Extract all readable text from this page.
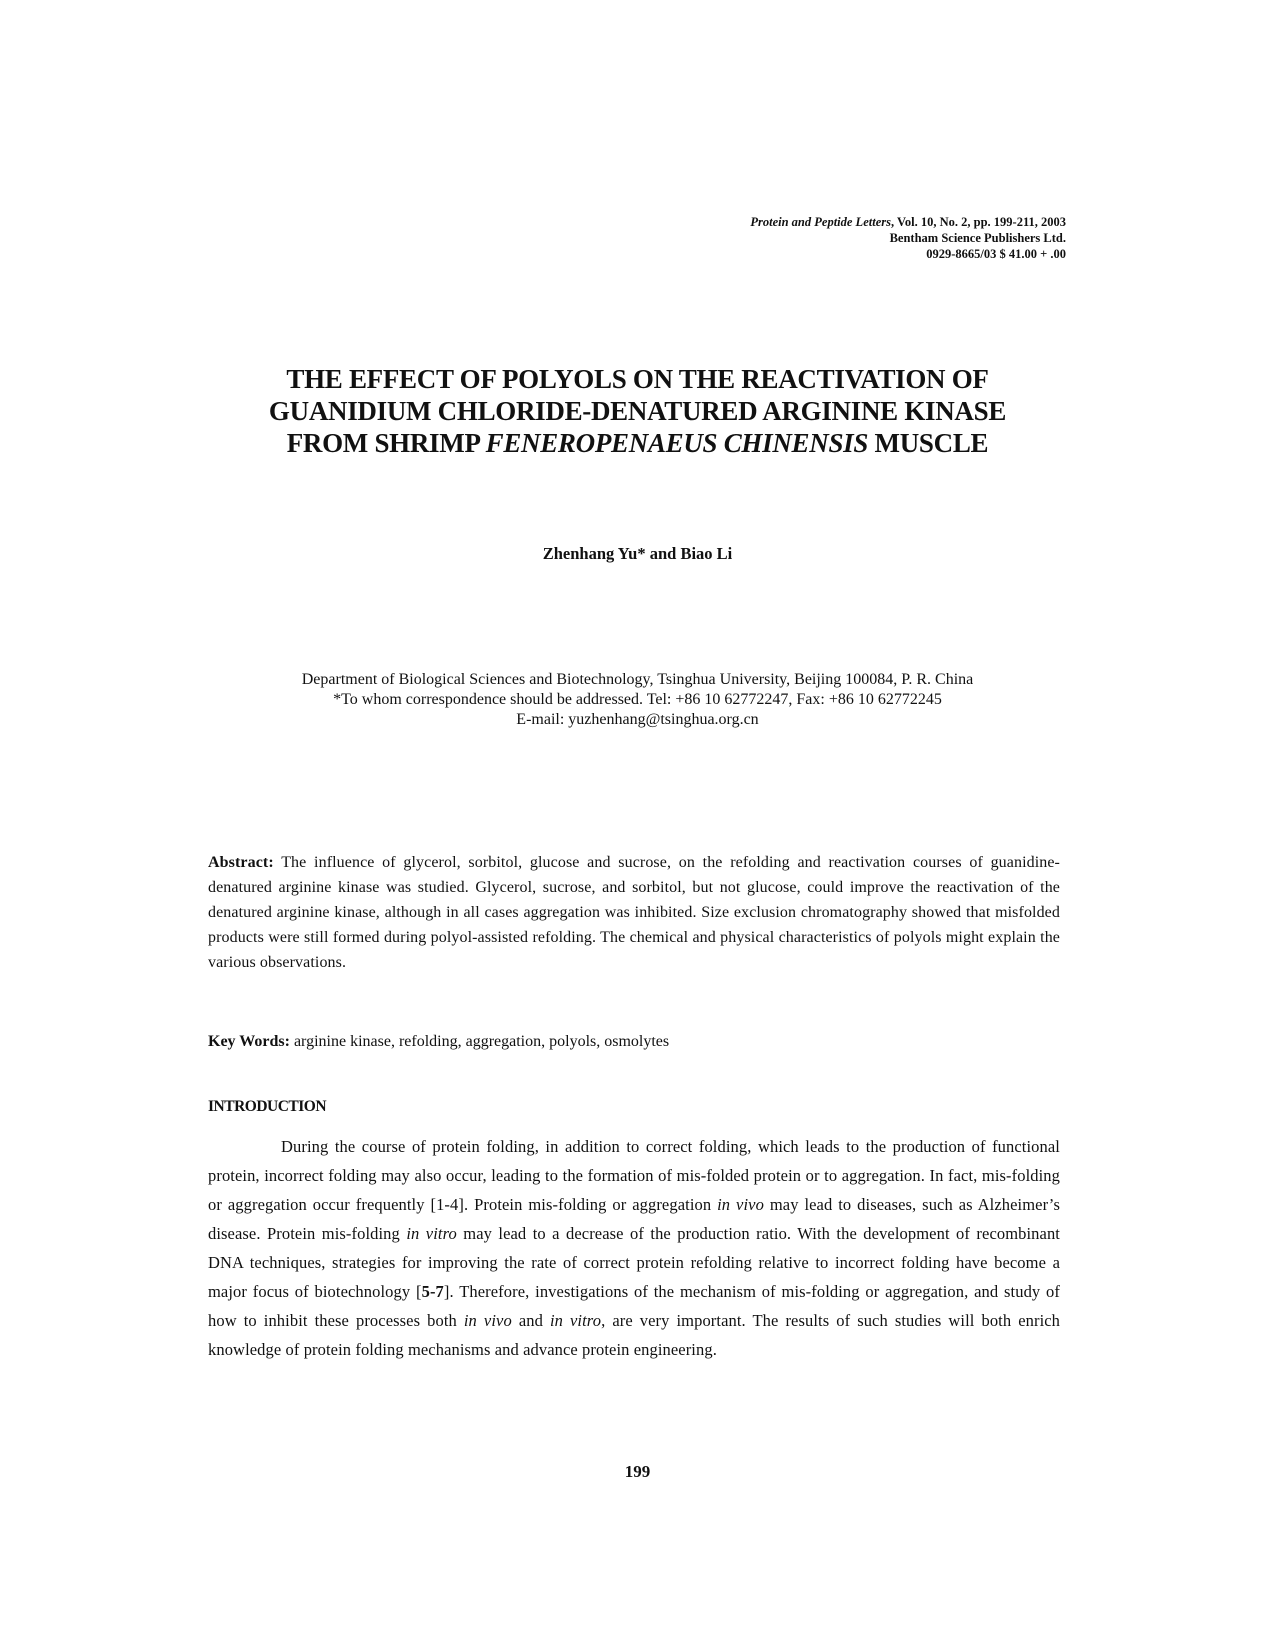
Protein and Peptide Letters, Vol. 10, No. 2, pp. 199-211, 2003
Bentham Science Publishers Ltd.
0929-8665/03 $ 41.00 + .00
THE EFFECT OF POLYOLS ON THE REACTIVATION OF
GUANIDIUM CHLORIDE-DENATURED ARGININE KINASE
FROM SHRIMP FENEROPENAEUS CHINENSIS MUSCLE
Zhenhang Yu* and Biao Li
Department of Biological Sciences and Biotechnology, Tsinghua University, Beijing 100084, P. R. China
*To whom correspondence should be addressed. Tel: +86 10 62772247, Fax: +86 10 62772245
E-mail: yuzhenhang@tsinghua.org.cn
Abstract: The influence of glycerol, sorbitol, glucose and sucrose, on the refolding and reactivation courses of guanidine-denatured arginine kinase was studied. Glycerol, sucrose, and sorbitol, but not glucose, could improve the reactivation of the denatured arginine kinase, although in all cases aggregation was inhibited. Size exclusion chromatography showed that misfolded products were still formed during polyol-assisted refolding. The chemical and physical characteristics of polyols might explain the various observations.
Key Words: arginine kinase, refolding, aggregation, polyols, osmolytes
INTRODUCTION
During the course of protein folding, in addition to correct folding, which leads to the production of functional protein, incorrect folding may also occur, leading to the formation of mis-folded protein or to aggregation. In fact, mis-folding or aggregation occur frequently [1-4]. Protein mis-folding or aggregation in vivo may lead to diseases, such as Alzheimer’s disease. Protein mis-folding in vitro may lead to a decrease of the production ratio. With the development of recombinant DNA techniques, strategies for improving the rate of correct protein refolding relative to incorrect folding have become a major focus of biotechnology [5-7]. Therefore, investigations of the mechanism of mis-folding or aggregation, and study of how to inhibit these processes both in vivo and in vitro, are very important. The results of such studies will both enrich knowledge of protein folding mechanisms and advance protein engineering.
199
